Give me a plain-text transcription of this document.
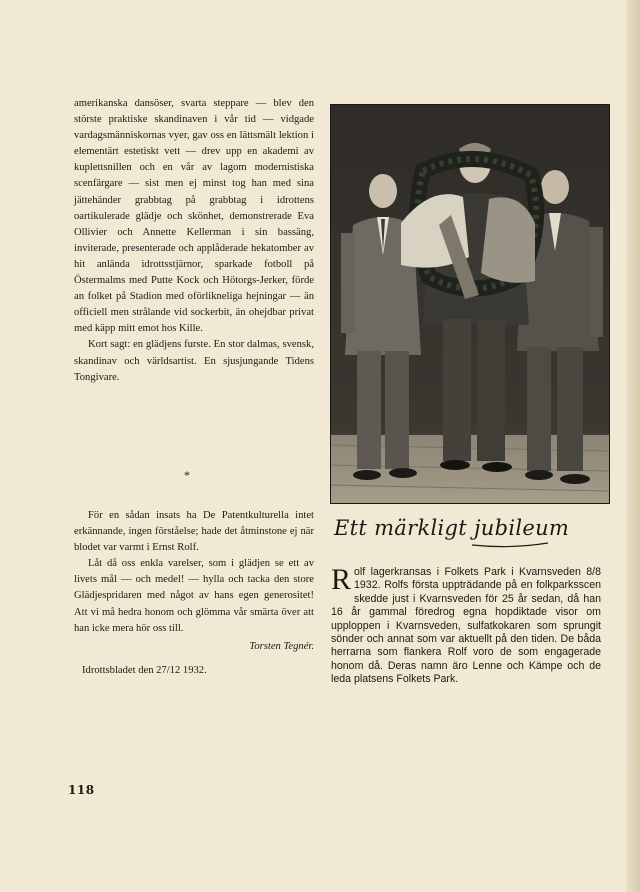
amerikanska dansöser, svarta steppare — blev den störste praktiske skandinaven i vår tid — vidgade vardagsmänniskornas vyer, gav oss en lättsmält lektion i elementärt estetiskt vett — drev upp en akademi av kuplettsnillen och en vår av lagom modernistiska scenfärgare — sist men ej minst tog han med sina jättehänder grabbtag på grabbtag i idrottens oartikulerade glädje och skönhet, demonstrerade Eva Ollivier och Annette Kellerman i sin bassäng, inviterade, presenterade och applåderade hekatomber av hit anlända idrottsstjärnor, sparkade fotboll på Östermalms med Putte Kock och Hötorgs-Jerker, förde an folket på Stadion med oförlikneliga hejningar — än officiell men strålande vid sockerbit, än ohejdbar privat med käpp mitt emot hos Kille.

Kort sagt: en glädjens furste. En stor dalmas, svensk, skandinav och världsartist. En sjusjungande Tidens Tongivare.

*

För en sådan insats ha De Patentkulturella intet erkännande, ingen förståelse; hade det åtminstone ej när blodet var varmt i Ernst Rolf.

Låt då oss enkla varelser, som i glädjen se ett av livets mål — och medel! — hylla och tacka den store Glädjespridaren med något av hans egen generositet! Att vi må hedra honom och glömma vår smärta över att han icke mera hör oss till.

Torsten Tegnér.

Idrottsbladet den 27/12 1932.

118
Ett märkligt jubileum

Rolf lagerkransas i Folkets Park i Kvarnsveden 8/8 1932. Rolfs första uppträdande på en folkparksscen skedde just i Kvarnsveden för 25 år sedan, då han 16 år gammal föredrog egna hopdiktade visor om upploppen i Kvarnsveden, sulfatkokaren som sprungit sönder och annat som var aktuellt på den tiden. De båda herrarna som flankera Rolf voro de som engagerade honom då. Deras namn äro Lenne och Kämpe och de leda platsens Folkets Park.
